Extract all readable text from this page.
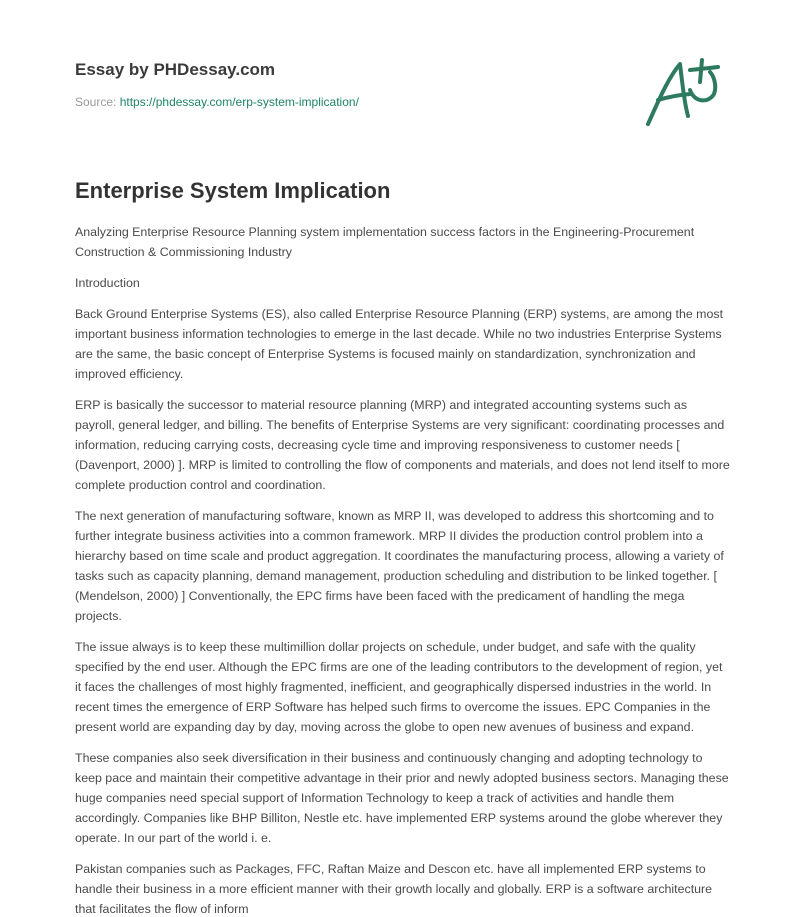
Essay by PHDessay.com
Source: https://phdessay.com/erp-system-implication/
Enterprise System Implication

Analyzing Enterprise Resource Planning system implementation success factors in the Engineering-Procurement Construction & Commissioning Industry

Introduction

Back Ground Enterprise Systems (ES), also called Enterprise Resource Planning (ERP) systems, are among the most important business information technologies to emerge in the last decade. While no two industries Enterprise Systems are the same, the basic concept of Enterprise Systems is focused mainly on standardization, synchronization and improved efficiency.

ERP is basically the successor to material resource planning (MRP) and integrated accounting systems such as payroll, general ledger, and billing. The benefits of Enterprise Systems are very significant: coordinating processes and information, reducing carrying costs, decreasing cycle time and improving responsiveness to customer needs [ (Davenport, 2000) ]. MRP is limited to controlling the flow of components and materials, and does not lend itself to more complete production control and coordination.

The next generation of manufacturing software, known as MRP II, was developed to address this shortcoming and to further integrate business activities into a common framework. MRP II divides the production control problem into a hierarchy based on time scale and product aggregation. It coordinates the manufacturing process, allowing a variety of tasks such as capacity planning, demand management, production scheduling and distribution to be linked together. [ (Mendelson, 2000) ] Conventionally, the EPC firms have been faced with the predicament of handling the mega projects.

The issue always is to keep these multimillion dollar projects on schedule, under budget, and safe with the quality specified by the end user. Although the EPC firms are one of the leading contributors to the development of region, yet it faces the challenges of most highly fragmented, inefficient, and geographically dispersed industries in the world. In recent times the emergence of ERP Software has helped such firms to overcome the issues. EPC Companies in the present world are expanding day by day, moving across the globe to open new avenues of business and expand.

These companies also seek diversification in their business and continuously changing and adopting technology to keep pace and maintain their competitive advantage in their prior and newly adopted business sectors. Managing these huge companies need special support of Information Technology to keep a track of activities and handle them accordingly. Companies like BHP Billiton, Nestle etc. have implemented ERP systems around the globe wherever they operate. In our part of the world i. e.

Pakistan companies such as Packages, FFC, Raftan Maize and Descon etc. have all implemented ERP systems to handle their business in a more efficient manner with their growth locally and globally. ERP is a software architecture that facilitates the flow of inform
